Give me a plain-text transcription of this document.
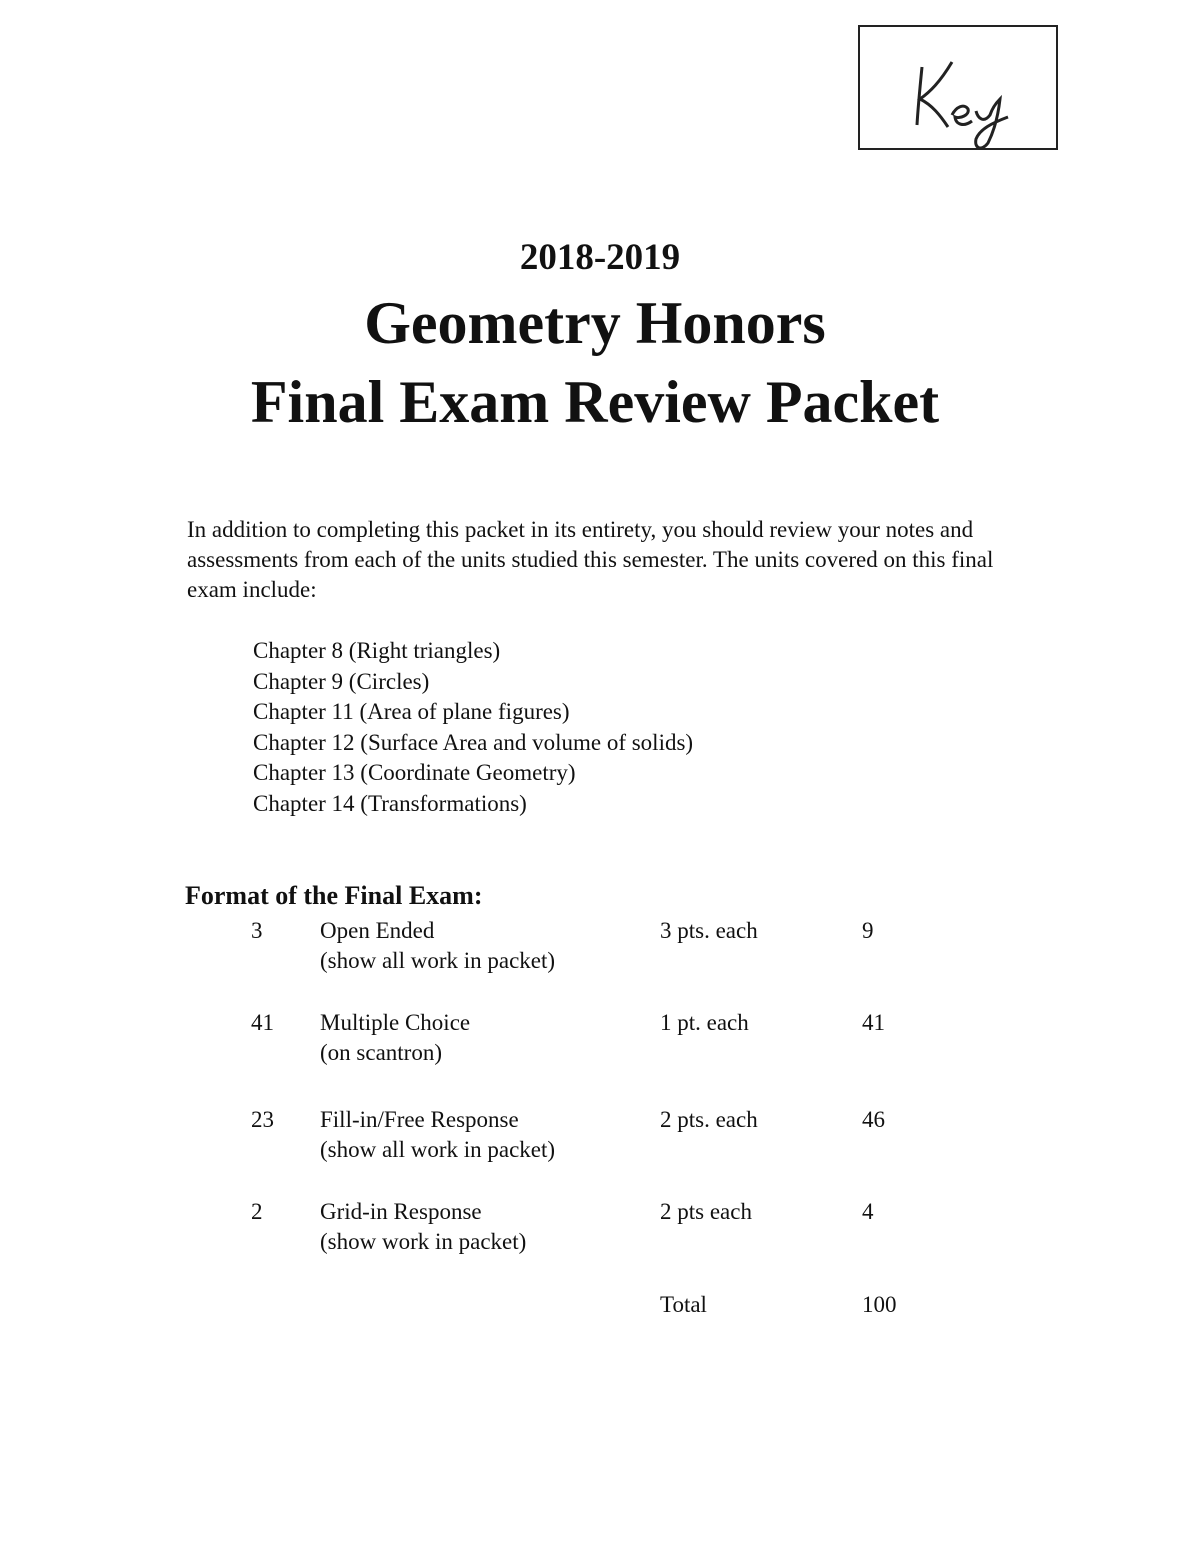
2018-2019
Geometry Honors
Final Exam Review Packet
In addition to completing this packet in its entirety, you should review your notes and assessments from each of the units studied this semester. The units covered on this final exam include:
Chapter 8 (Right triangles)
Chapter 9 (Circles)
Chapter 11 (Area of plane figures)
Chapter 12 (Surface Area and volume of solids)
Chapter 13 (Coordinate Geometry)
Chapter 14 (Transformations)
Format of the Final Exam:
3	Open Ended
(show all work in packet)
3 pts. each	9
41 Multiple Choice
(on scantron)
1 pt. each	41
23 Fill-in/Free Response
(show all work in packet)
2 pts. each	46
2	Grid-in Response
(show work in packet)
2 pts each	4
Total	100
